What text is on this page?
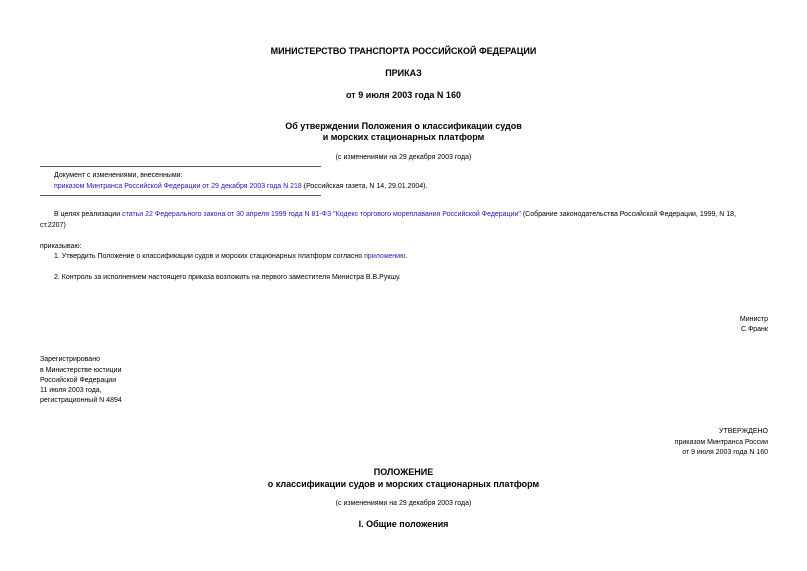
МИНИСТЕРСТВО ТРАНСПОРТА РОССИЙСКОЙ ФЕДЕРАЦИИ
ПРИКАЗ
от 9 июля 2003 года N 160
Об утверждении Положения о классификации судов
и морских стационарных платформ
(с изменениями на 29 декабря 2003 года)
Документ с изменениями, внесенными:
приказом Минтранса Российской Федерации от 29 декабря 2003 года N 218 (Российская газета, N 14, 29.01.2004).
В целях реализации статьи 22 Федерального закона от 30 апреля 1999 года N 81-ФЗ "Кодекс торгового мореплавания Российской Федерации" (Собрание законодательства Российской Федерации, 1999, N 18,
ст.2207)
приказываю:
1. Утвердить Положение о классификации судов и морских стационарных платформ согласно приложению.
2. Контроль за исполнением настоящего приказа возложить на первого заместителя Министра В.В.Рукшу.
Министр
С.Франк
Зарегистрировано
в Министерстве юстиции
Российской Федерации
11 июля 2003 года,
регистрационный N 4894
УТВЕРЖДЕНО
приказом Минтранса России
от 9 июля 2003 года N 160
ПОЛОЖЕНИЕ
о классификации судов и морских стационарных платформ
(с изменениями на 29 декабря 2003 года)
I. Общие положения
